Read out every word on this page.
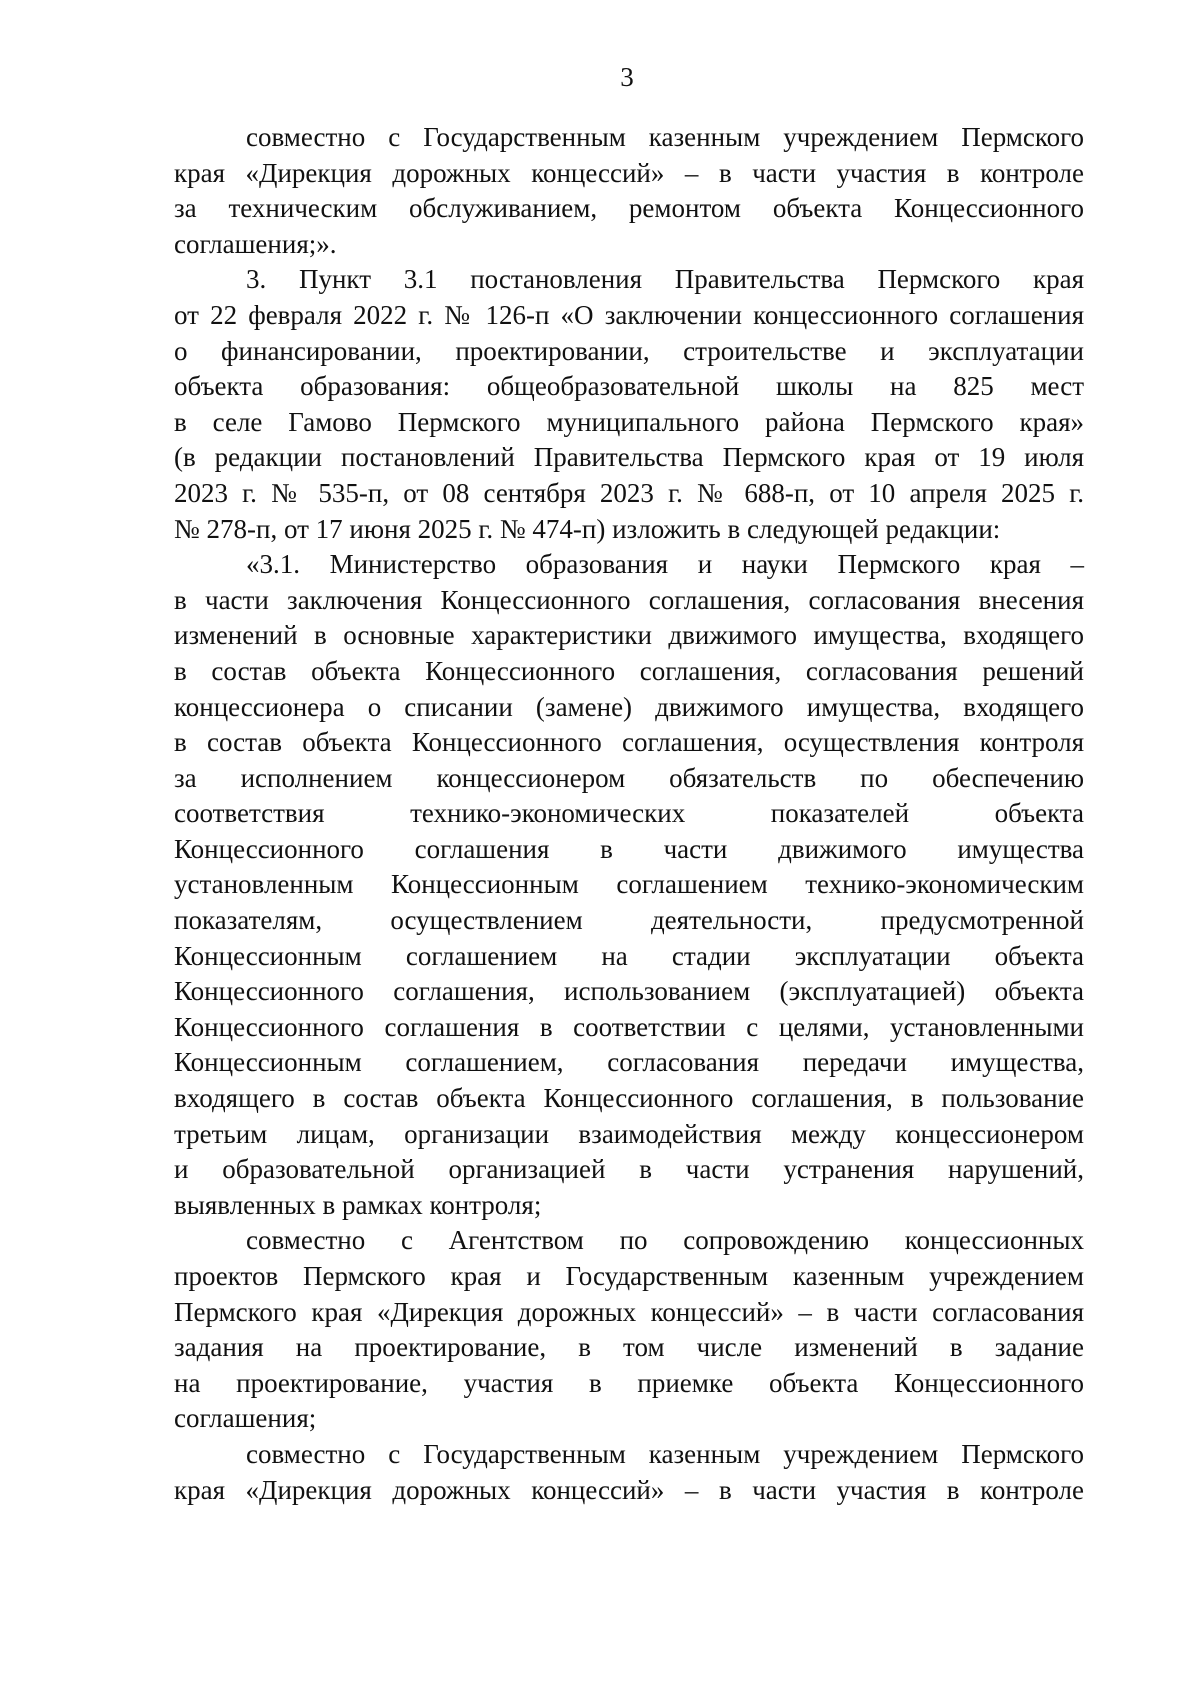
3
совместно с Государственным казенным учреждением Пермского
края «Дирекция дорожных концессий» – в части участия в контроле
за техническим обслуживанием, ремонтом объекта Концессионного
соглашения;».
3. Пункт 3.1 постановления Правительства Пермского края
от 22 февраля 2022 г. № 126-п «О заключении концессионного соглашения
о финансировании, проектировании, строительстве и эксплуатации
объекта образования: общеобразовательной школы на 825 мест
в селе Гамово Пермского муниципального района Пермского края»
(в редакции постановлений Правительства Пермского края от 19 июля
2023 г. № 535-п, от 08 сентября 2023 г. № 688-п, от 10 апреля 2025 г.
№ 278-п, от 17 июня 2025 г. № 474-п) изложить в следующей редакции:
«3.1. Министерство образования и науки Пермского края –
в части заключения Концессионного соглашения, согласования внесения
изменений в основные характеристики движимого имущества, входящего
в состав объекта Концессионного соглашения, согласования решений
концессионера о списании (замене) движимого имущества, входящего
в состав объекта Концессионного соглашения, осуществления контроля
за исполнением концессионером обязательств по обеспечению
соответствия технико-экономических показателей объекта
Концессионного соглашения в части движимого имущества
установленным Концессионным соглашением технико-экономическим
показателям, осуществлением деятельности, предусмотренной
Концессионным соглашением на стадии эксплуатации объекта
Концессионного соглашения, использованием (эксплуатацией) объекта
Концессионного соглашения в соответствии с целями, установленными
Концессионным соглашением, согласования передачи имущества,
входящего в состав объекта Концессионного соглашения, в пользование
третьим лицам, организации взаимодействия между концессионером
и образовательной организацией в части устранения нарушений,
выявленных в рамках контроля;
совместно с Агентством по сопровождению концессионных
проектов Пермского края и Государственным казенным учреждением
Пермского края «Дирекция дорожных концессий» – в части согласования
задания на проектирование, в том числе изменений в задание
на проектирование, участия в приемке объекта Концессионного
соглашения;
совместно с Государственным казенным учреждением Пермского
края «Дирекция дорожных концессий» – в части участия в контроле
